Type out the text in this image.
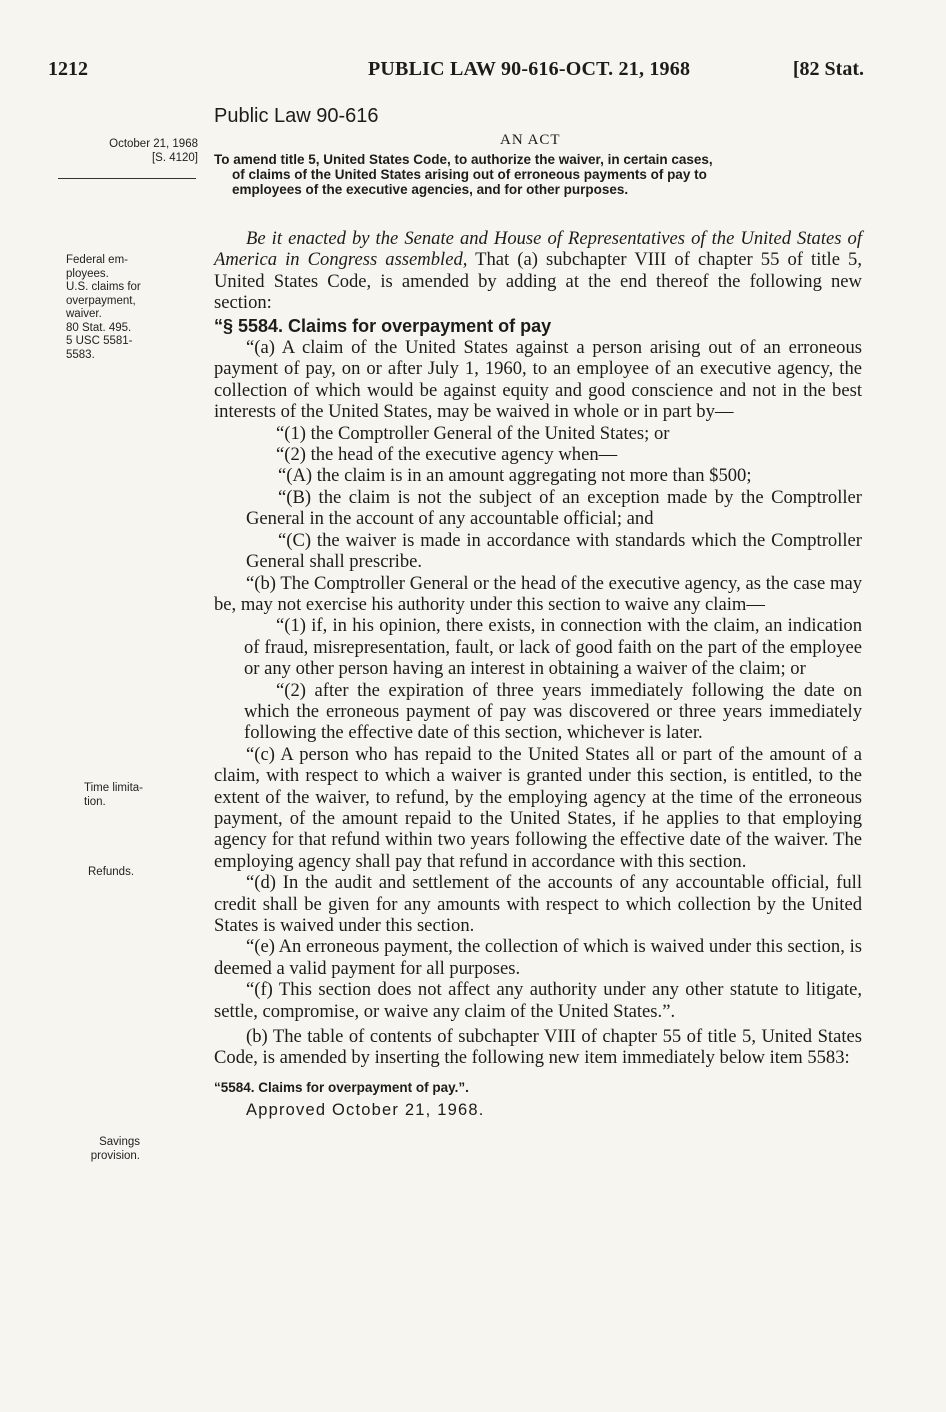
1212	PUBLIC LAW 90-616-OCT. 21, 1968	[82 Stat.
October 21, 1968
[S. 4120]
Federal em-
ployees.
U.S. claims for
overpayment,
waiver.
80 Stat. 495.
5 USC 5581-
5583.
Time limita-
tion.
Refunds.
Savings
provision.
Public Law 90-616
AN ACT
To amend title 5, United States Code, to authorize the waiver, in certain cases,
of claims of the United States arising out of erroneous payments of pay to
employees of the executive agencies, and for other purposes.

Be it enacted by the Senate and House of Representatives of the United States of America in Congress assembled, That (a) subchapter VIII of chapter 55 of title 5, United States Code, is amended by adding at the end thereof the following new section:

“§ 5584. Claims for overpayment of pay

“(a) A claim of the United States against a person arising out of an erroneous payment of pay, on or after July 1, 1960, to an employee of an executive agency, the collection of which would be against equity and good conscience and not in the best interests of the United States, may be waived in whole or in part by—

“(1) the Comptroller General of the United States; or

“(2) the head of the executive agency when—

“(A) the claim is in an amount aggregating not more than $500;

“(B) the claim is not the subject of an exception made by the Comptroller General in the account of any accountable official; and

“(C) the waiver is made in accordance with standards which the Comptroller General shall prescribe.

“(b) The Comptroller General or the head of the executive agency, as the case may be, may not exercise his authority under this section to waive any claim—

“(1) if, in his opinion, there exists, in connection with the claim, an indication of fraud, misrepresentation, fault, or lack of good faith on the part of the employee or any other person having an interest in obtaining a waiver of the claim; or

“(2) after the expiration of three years immediately following the date on which the erroneous payment of pay was discovered or three years immediately following the effective date of this section, whichever is later.

“(c) A person who has repaid to the United States all or part of the amount of a claim, with respect to which a waiver is granted under this section, is entitled, to the extent of the waiver, to refund, by the employing agency at the time of the erroneous payment, of the amount repaid to the United States, if he applies to that employing agency for that refund within two years following the effective date of the waiver. The employing agency shall pay that refund in accordance with this section.

“(d) In the audit and settlement of the accounts of any accountable official, full credit shall be given for any amounts with respect to which collection by the United States is waived under this section.

“(e) An erroneous payment, the collection of which is waived under this section, is deemed a valid payment for all purposes.

“(f) This section does not affect any authority under any other statute to litigate, settle, compromise, or waive any claim of the United States.”.

(b) The table of contents of subchapter VIII of chapter 55 of title 5, United States Code, is amended by inserting the following new item immediately below item 5583:

“5584. Claims for overpayment of pay.”.

Approved October 21, 1968.
